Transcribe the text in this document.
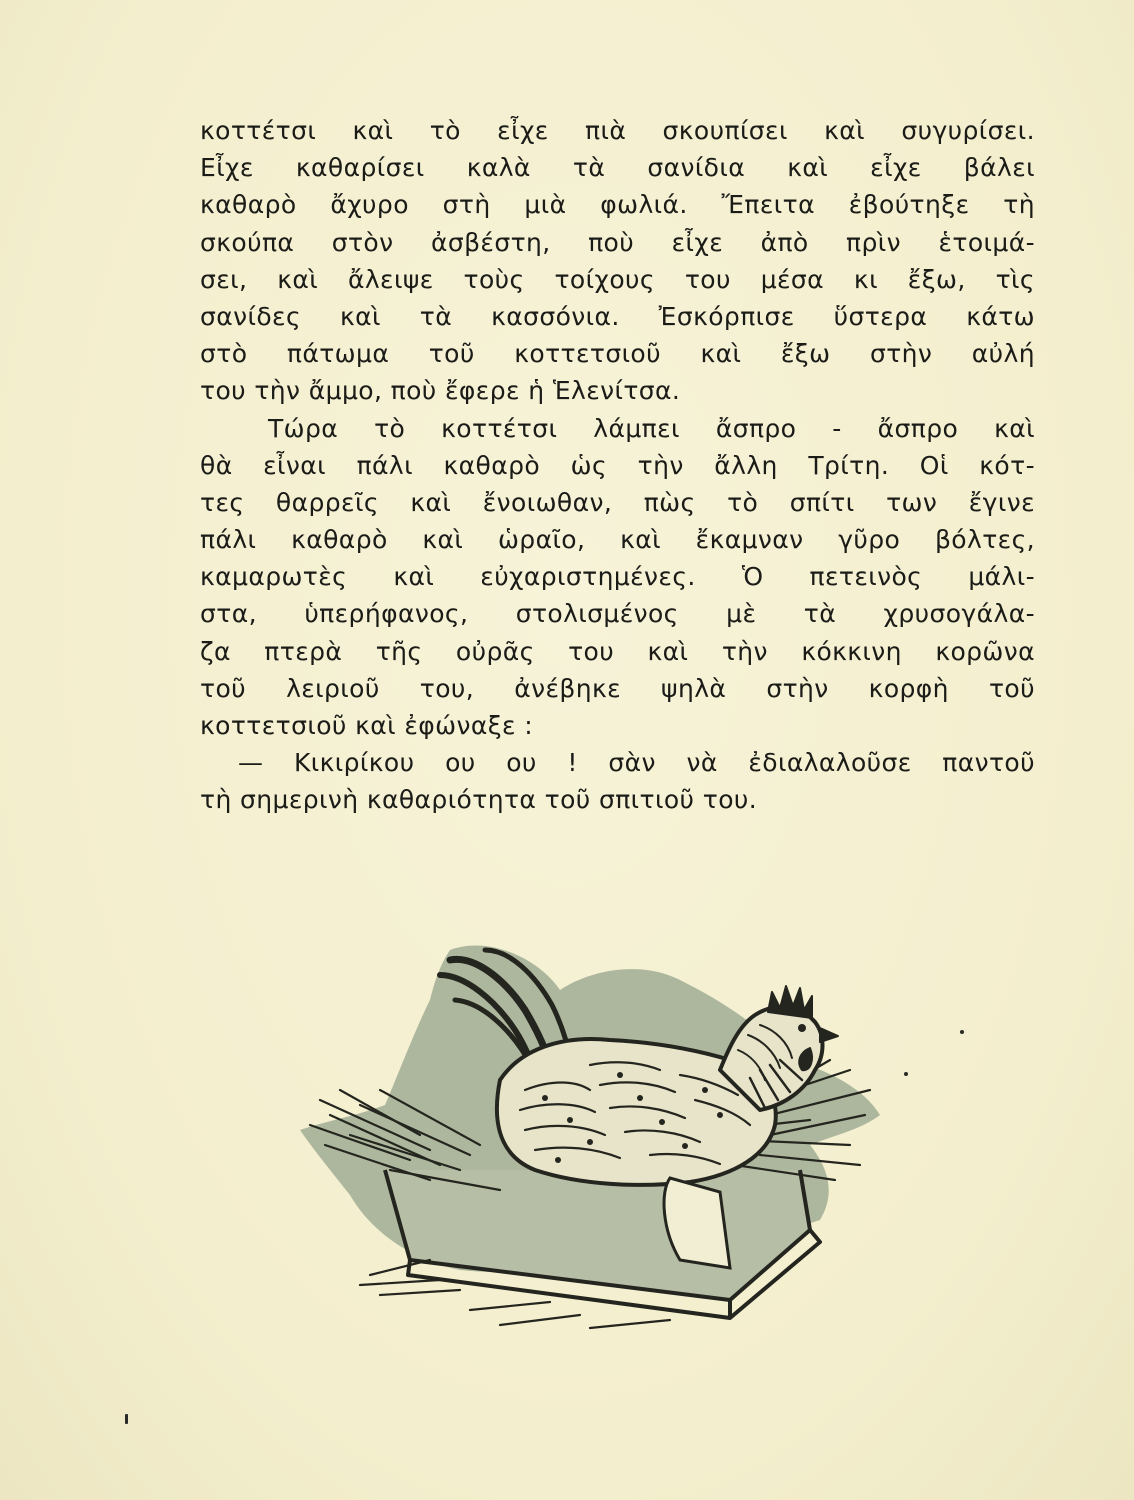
κοττέτσι καὶ τὸ εἶχε πιὰ σκουπίσει καὶ συγυρίσει.
Εἶχε καθαρίσει καλὰ τὰ σανίδια καὶ εἶχε βάλει
καθαρὸ ἄχυρο στὴ μιὰ φωλιά. Ἔπειτα ἐβούτηξε τὴ
σκούπα στὸν ἀσβέστη, ποὺ εἶχε ἀπὸ πρὶν ἑτοιμά-
σει, καὶ ἄλειψε τοὺς τοίχους του μέσα κι ἔξω, τὶς
σανίδες καὶ τὰ κασσόνια. Ἐσκόρπισε ὕστερα κάτω
στὸ πάτωμα τοῦ κοττετσιοῦ καὶ ἔξω στὴν αὐλή
του τὴν ἄμμο, ποὺ ἔφερε ἡ Ἑλενίτσα.
Τώρα τὸ κοττέτσι λάμπει ἄσπρο - ἄσπρο καὶ
θὰ εἶναι πάλι καθαρὸ ὡς τὴν ἄλλη Τρίτη. Οἱ κότ-
τες θαρρεῖς καὶ ἔνοιωθαν, πὼς τὸ σπίτι των ἔγινε
πάλι καθαρὸ καὶ ὡραῖο, καὶ ἔκαμναν γῦρο βόλτες,
καμαρωτὲς καὶ εὐχαριστημένες. Ὁ πετεινὸς μάλι-
στα, ὑπερήφανος, στολισμένος μὲ τὰ χρυσογάλα-
ζα πτερὰ τῆς οὐρᾶς του καὶ τὴν κόκκινη κορῶνα
τοῦ λειριοῦ του, ἀνέβηκε ψηλὰ στὴν κορφὴ τοῦ
κοττετσιοῦ καὶ ἐφώναξε :
— Κικιρίκου ου ου ! σὰν νὰ ἐδιαλαλοῦσε παντοῦ
τὴ σημερινὴ καθαριότητα τοῦ σπιτιοῦ του.
